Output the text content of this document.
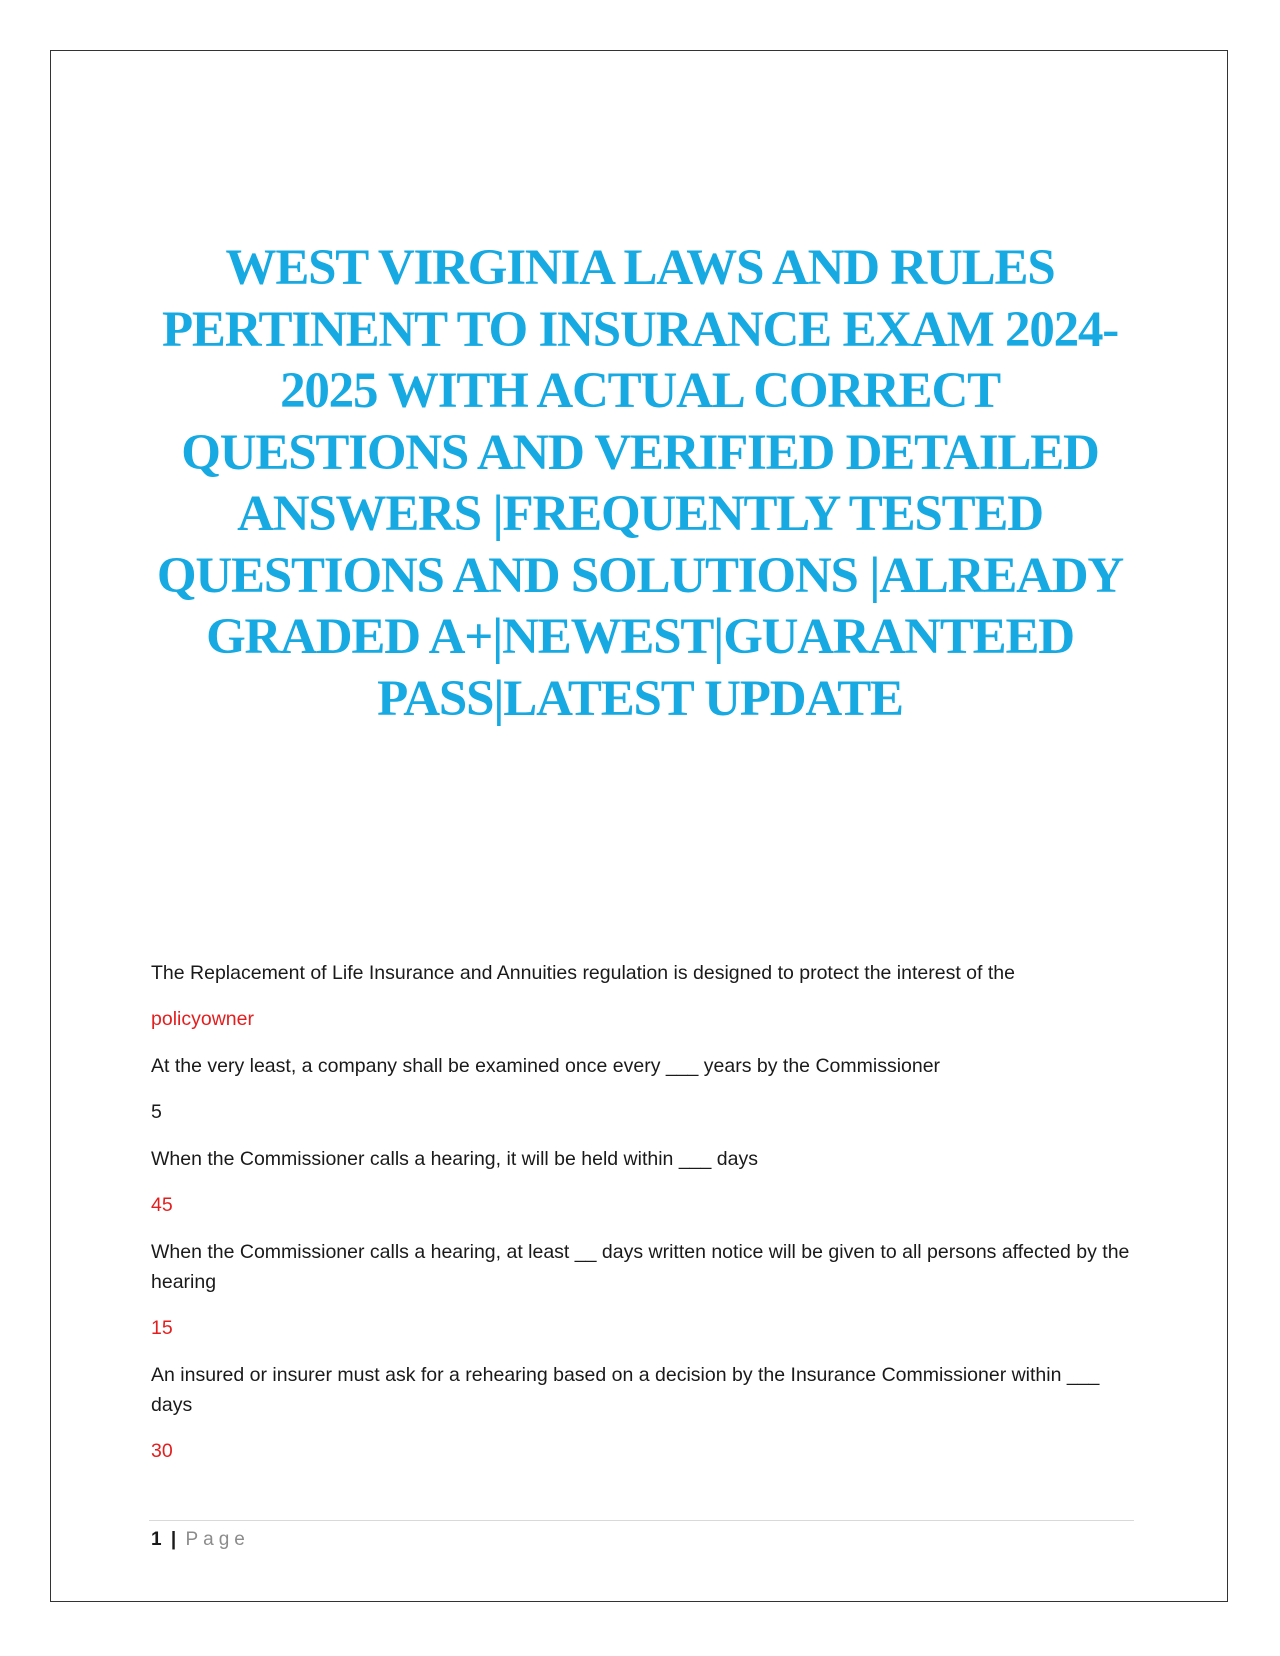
WEST VIRGINIA LAWS AND RULES PERTINENT TO INSURANCE EXAM 2024-2025 WITH ACTUAL CORRECT QUESTIONS AND VERIFIED DETAILED ANSWERS |FREQUENTLY TESTED QUESTIONS AND SOLUTIONS |ALREADY GRADED A+|NEWEST|GUARANTEED PASS|LATEST UPDATE

The Replacement of Life Insurance and Annuities regulation is designed to protect the interest of the

policyowner

At the very least, a company shall be examined once every ___ years by the Commissioner

5

When the Commissioner calls a hearing, it will be held within ___ days

45

When the Commissioner calls a hearing, at least __ days written notice will be given to all persons affected by the hearing

15

An insured or insurer must ask for a rehearing based on a decision by the Insurance Commissioner within ___ days

30

1 | Page
